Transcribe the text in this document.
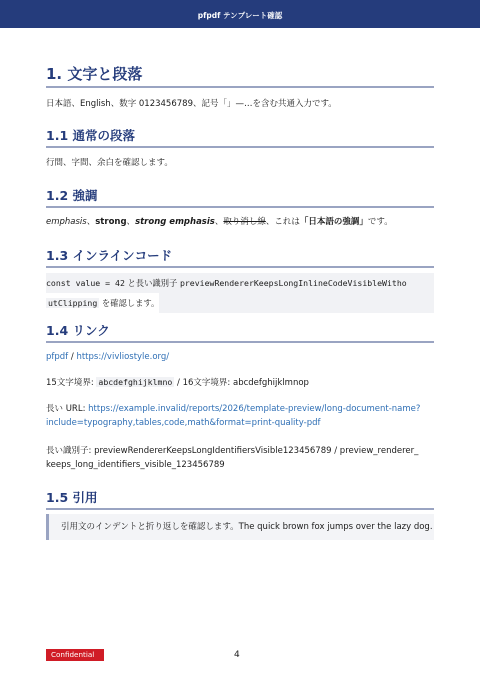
pfpdf テンプレート確認
1. 文字と段落

日本語、English、数字 0123456789、記号「」—…を含む共通入力です。

1.1 通常の段落

行間、字間、余白を確認します。

1.2 強調

emphasis、strong、strong emphasis、取り消し線、これは「日本語の強調」です。

1.3 インラインコード
const value = 42 と長い識別子 previewRendererKeepsLongInlineCodeVisibleWitho
utClipping を確認します。
1.4 リンク

pfpdf / https://vivliostyle.org/

15文字境界: abcdefghijklmno / 16文字境界: abcdefghijklmnop

長い URL: https://example.invalid/reports/2026/template-preview/long-document-name?
include=typography,tables,code,math&format=print-quality-pdf

長い識別子: previewRendererKeepsLongIdentifiersVisible123456789 / preview_renderer_
keeps_long_identifiers_visible_123456789

1.5 引用
引用文のインデントと折り返しを確認します。The quick brown fox jumps over the lazy dog.
Confidential	4
